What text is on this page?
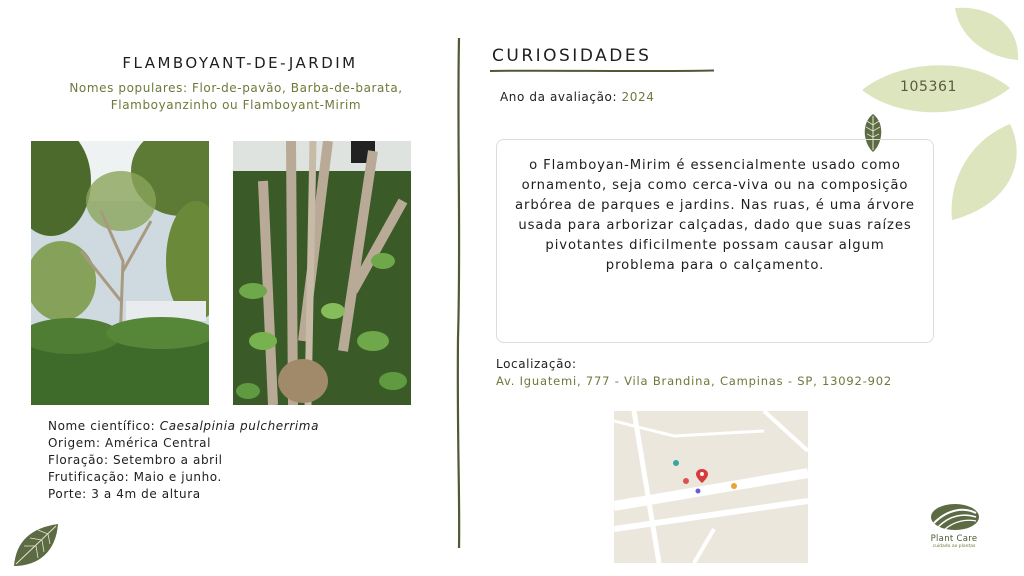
105361
FLAMBOYANT-DE-JARDIM
Nomes populares: Flor-de-pavão, Barba-de-barata,
Flamboyanzinho ou Flamboyant-Mirim
Nome científico: Caesalpinia pulcherrima
Origem: América Central
Floração: Setembro a abril
Frutificação: Maio e junho.
Porte: 3 a 4m de altura
CURIOSIDADES
Ano da avaliação: 2024

o Flamboyan-Mirim é essencialmente usado como ornamento, seja como cerca-viva ou na composição arbórea de parques e jardins. Nas ruas, é uma árvore usada para arborizar calçadas, dado que suas raízes pivotantes dificilmente possam causar algum problema para o calçamento.

Localização:
Av. Iguatemi, 777 - Vila Brandina, Campinas - SP, 13092-902
Plant Care
cuidado ao plantas
